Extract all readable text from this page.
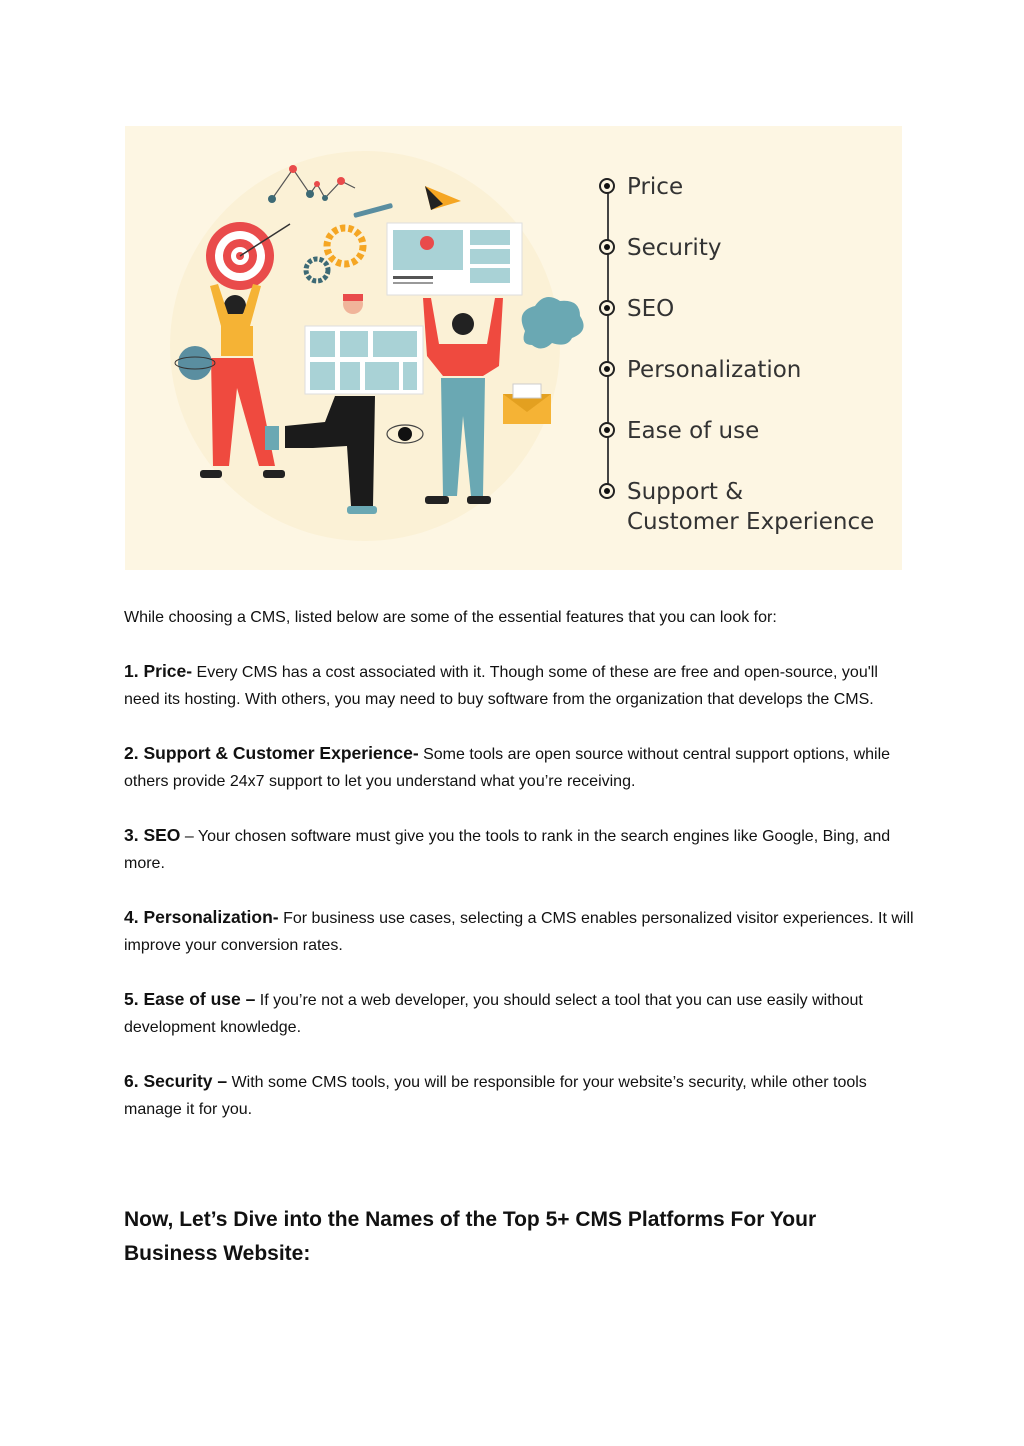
Price
Security
SEO
Personalization
Ease of use
Support &
Customer Experience

While choosing a CMS, listed below are some of the essential features that you can look for:

1. Price- Every CMS has a cost associated with it. Though some of these are free and open-source, you'll need its hosting. With others, you may need to buy software from the organization that develops the CMS.

2. Support & Customer Experience- Some tools are open source without central support options, while others provide 24x7 support to let you understand what you’re receiving.

3. SEO – Your chosen software must give you the tools to rank in the search engines like Google, Bing, and more.

4. Personalization- For business use cases, selecting a CMS enables personalized visitor experiences. It will improve your conversion rates.

5. Ease of use – If you’re not a web developer, you should select a tool that you can use easily without development knowledge.

6. Security – With some CMS tools, you will be responsible for your website’s security, while other tools manage it for you.

Now, Let’s Dive into the Names of the Top 5+ CMS Platforms For Your Business Website:
